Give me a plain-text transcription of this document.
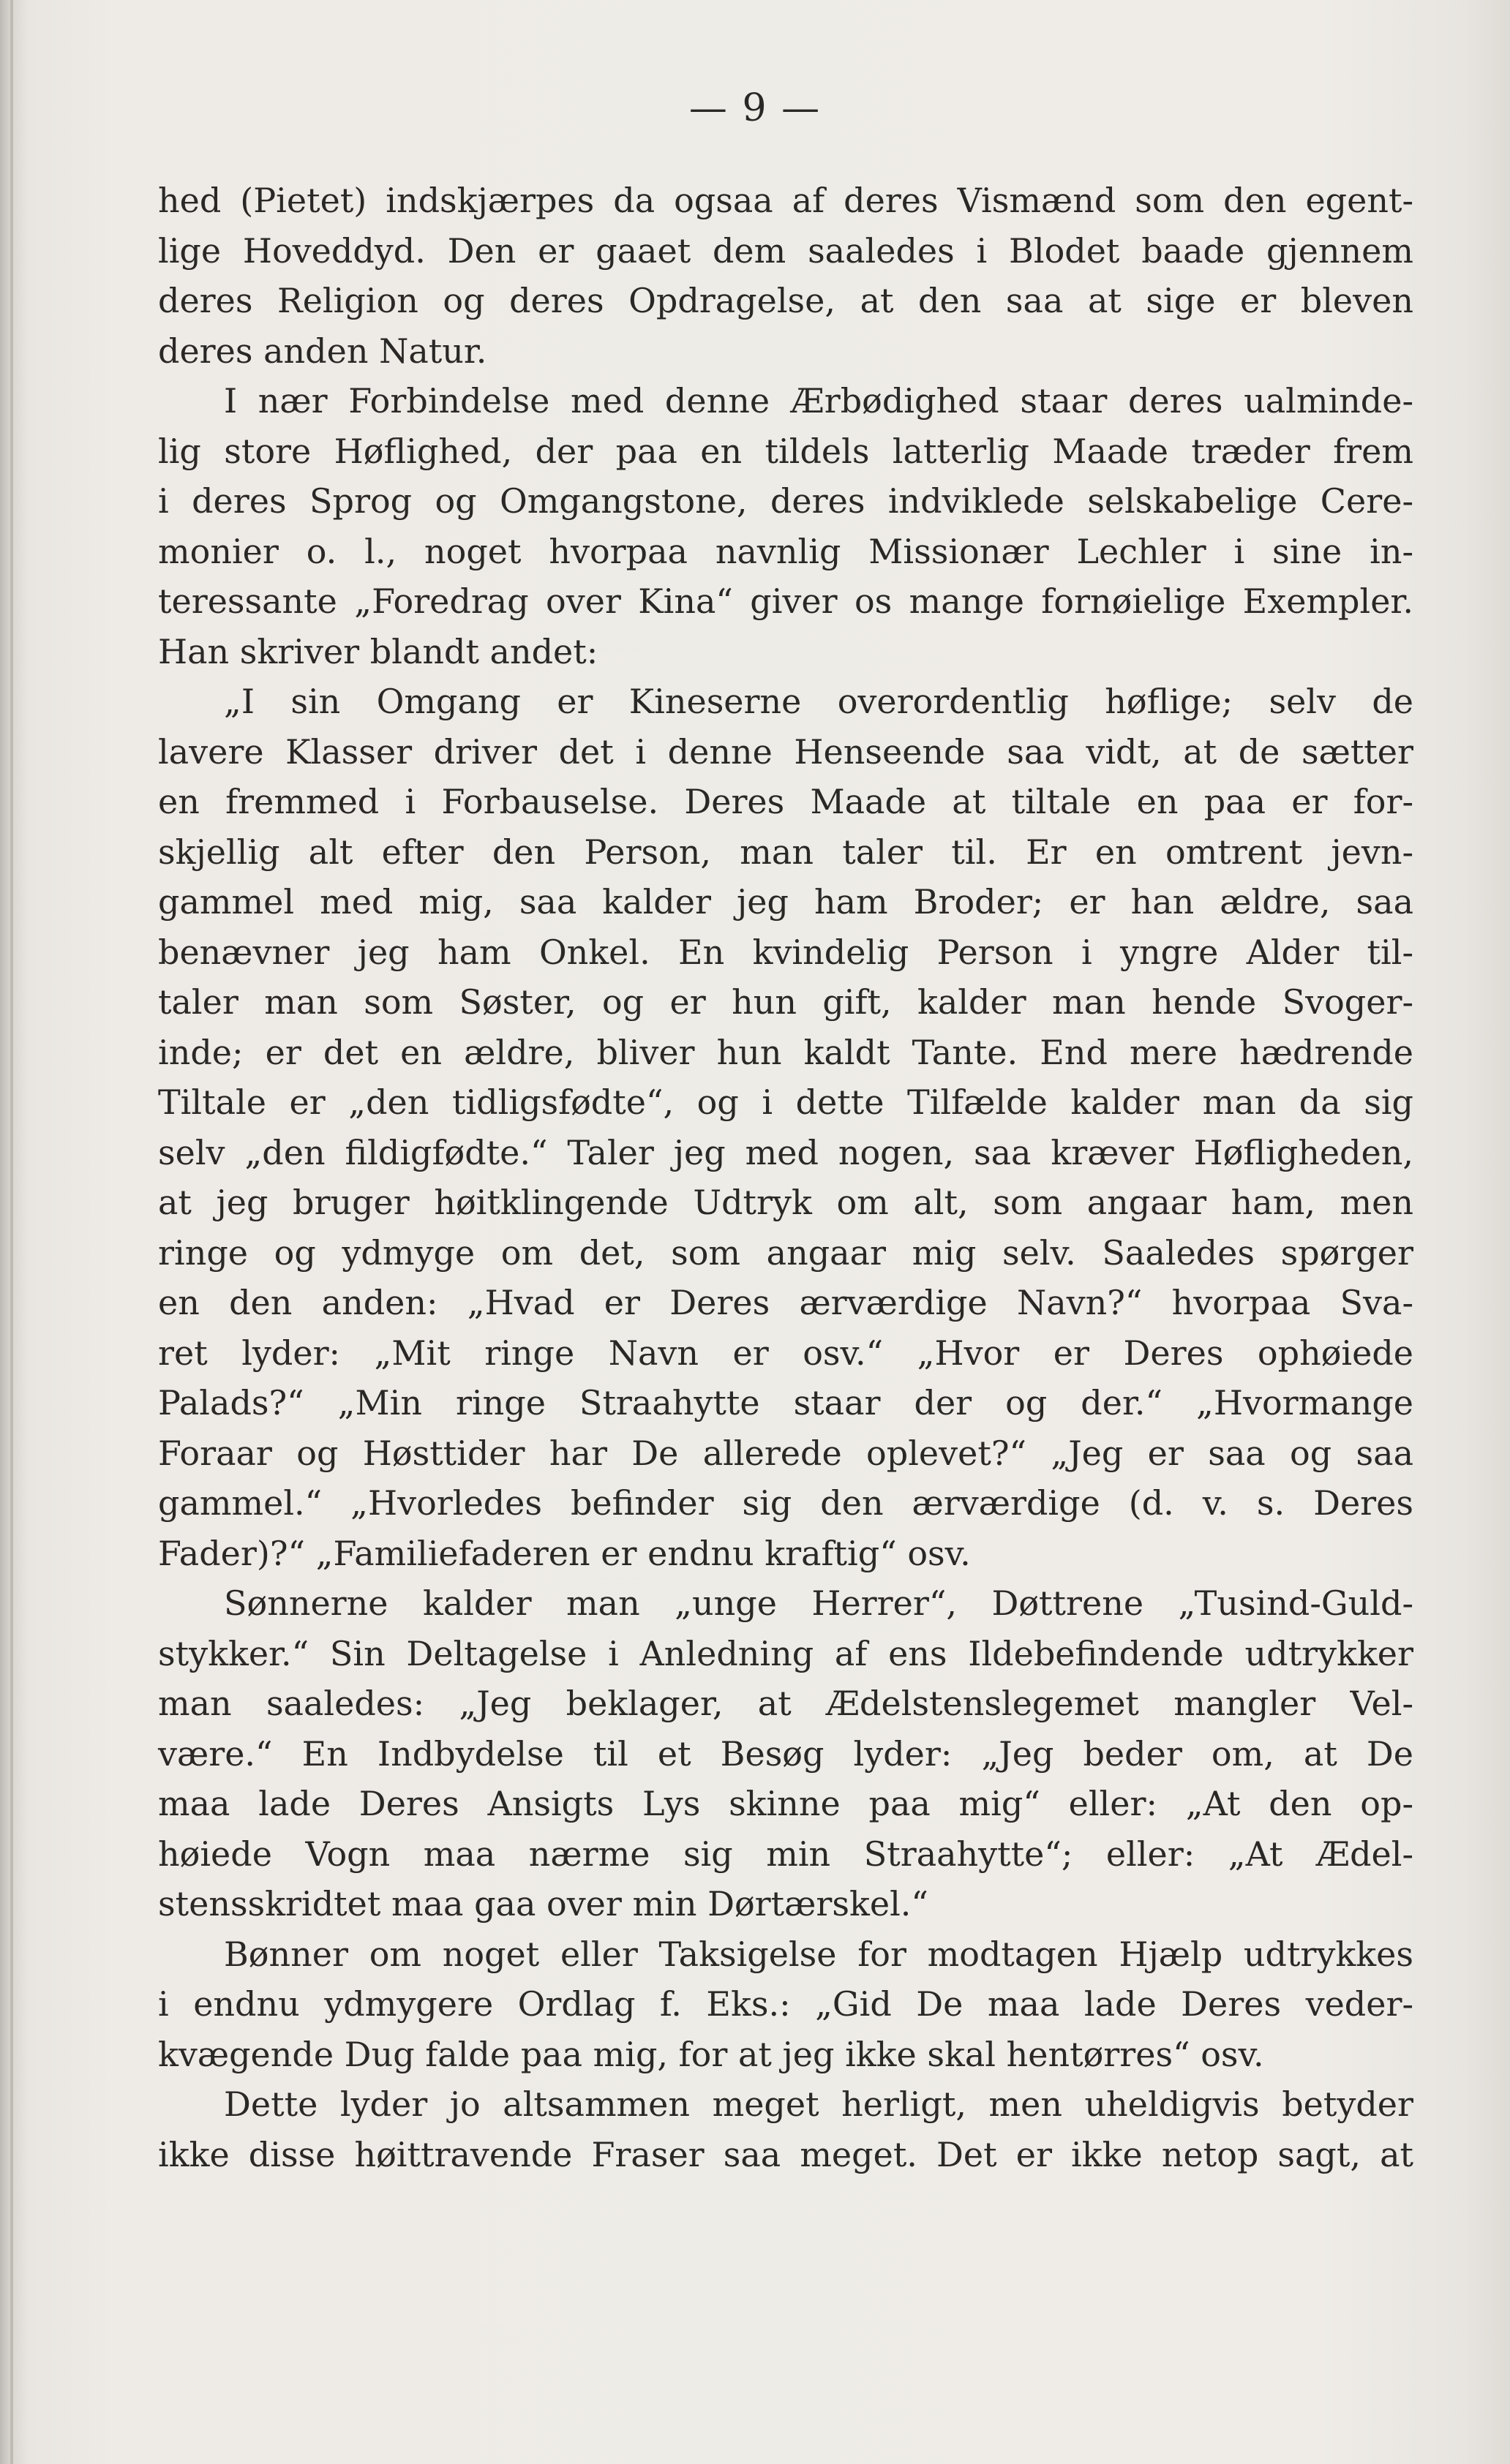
— 9 —
hed (Pietet) indskjærpes da ogsaa af deres Vismænd som den egent-
lige Hoveddyd. Den er gaaet dem saaledes i Blodet baade gjennem
deres Religion og deres Opdragelse, at den saa at sige er bleven
deres anden Natur.
I nær Forbindelse med denne Ærbødighed staar deres ualminde-
lig store Høflighed, der paa en tildels latterlig Maade træder frem
i deres Sprog og Omgangstone, deres indviklede selskabelige Cere-
monier o. l., noget hvorpaa navnlig Missionær Lechler i sine in-
teressante „Foredrag over Kina“ giver os mange fornøielige Exempler.
Han skriver blandt andet:
„I sin Omgang er Kineserne overordentlig høflige; selv de
lavere Klasser driver det i denne Henseende saa vidt, at de sætter
en fremmed i Forbauselse. Deres Maade at tiltale en paa er for-
skjellig alt efter den Person, man taler til. Er en omtrent jevn-
gammel med mig, saa kalder jeg ham Broder; er han ældre, saa
benævner jeg ham Onkel. En kvindelig Person i yngre Alder til-
taler man som Søster, og er hun gift, kalder man hende Svoger-
inde; er det en ældre, bliver hun kaldt Tante. End mere hædrende
Tiltale er „den tidligsfødte“, og i dette Tilfælde kalder man da sig
selv „den fildigfødte.“ Taler jeg med nogen, saa kræver Høfligheden,
at jeg bruger høitklingende Udtryk om alt, som angaar ham, men
ringe og ydmyge om det, som angaar mig selv. Saaledes spørger
en den anden: „Hvad er Deres ærværdige Navn?“ hvorpaa Sva-
ret lyder: „Mit ringe Navn er osv.“ „Hvor er Deres ophøiede
Palads?“ „Min ringe Straahytte staar der og der.“ „Hvormange
Foraar og Høsttider har De allerede oplevet?“ „Jeg er saa og saa
gammel.“ „Hvorledes befinder sig den ærværdige (d. v. s. Deres
Fader)?“ „Familiefaderen er endnu kraftig“ osv.
Sønnerne kalder man „unge Herrer“, Døttrene „Tusind-Guld-
stykker.“ Sin Deltagelse i Anledning af ens Ildebefindende udtrykker
man saaledes: „Jeg beklager, at Ædelstenslegemet mangler Vel-
være.“ En Indbydelse til et Besøg lyder: „Jeg beder om, at De
maa lade Deres Ansigts Lys skinne paa mig“ eller: „At den op-
høiede Vogn maa nærme sig min Straahytte“; eller: „At Ædel-
stensskridtet maa gaa over min Dørtærskel.“
Bønner om noget eller Taksigelse for modtagen Hjælp udtrykkes
i endnu ydmygere Ordlag f. Eks.: „Gid De maa lade Deres veder-
kvægende Dug falde paa mig, for at jeg ikke skal hentørres“ osv.
Dette lyder jo altsammen meget herligt, men uheldigvis betyder
ikke disse høittravende Fraser saa meget. Det er ikke netop sagt, at
